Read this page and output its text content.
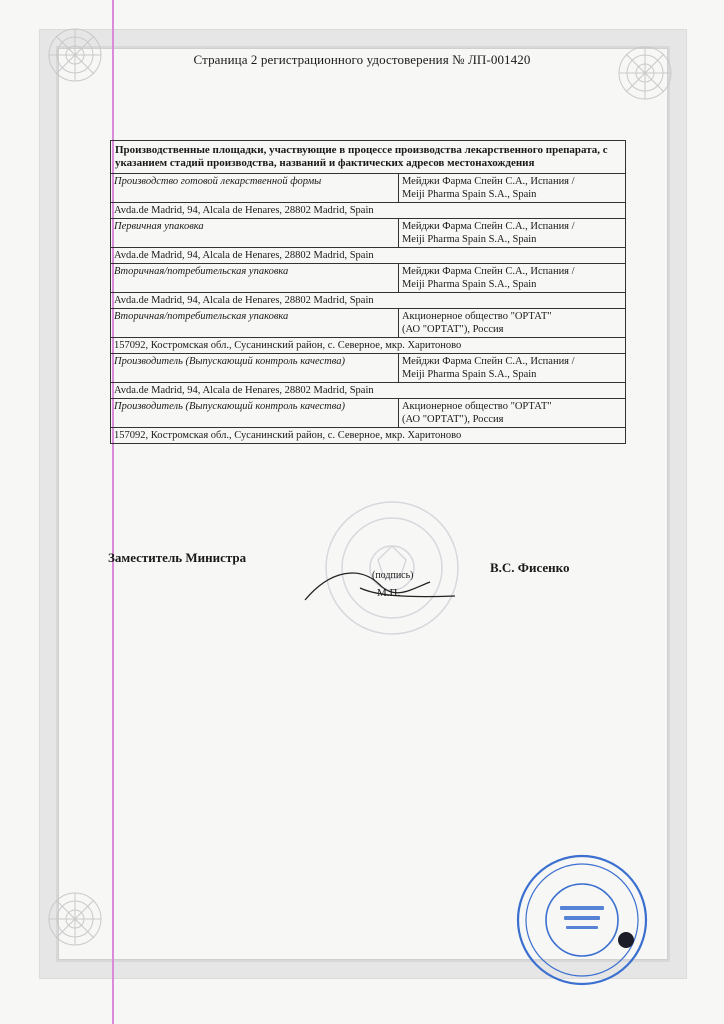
Страница 2 регистрационного удостоверения № ЛП-001420
Производственные площадки, участвующие в процессе производства лекарственного препарата, с указанием стадий производства, названий и фактических адресов местонахождения	
Производство готовой лекарственной формы	Мейджи Фарма Спейн С.А., Испания /
Meiji Pharma Spain S.A., Spain

Avda.de Madrid, 94, Alcala de Henares, 28802 Madrid, Spain	
Первичная упаковка	Мейджи Фарма Спейн С.А., Испания /
Meiji Pharma Spain S.A., Spain

Avda.de Madrid, 94, Alcala de Henares, 28802 Madrid, Spain	
Вторичная/потребительская упаковка	Мейджи Фарма Спейн С.А., Испания /
Meiji Pharma Spain S.A., Spain

Avda.de Madrid, 94, Alcala de Henares, 28802 Madrid, Spain	
Вторичная/потребительская упаковка	Акционерное общество "ОРТАТ"
(АО "ОРТАТ"), Россия

157092, Костромская обл., Сусанинский район, с. Северное, мкр. Харитоново	
Производитель (Выпускающий контроль качества)	Мейджи Фарма Спейн С.А., Испания /
Meiji Pharma Spain S.A., Spain

Avda.de Madrid, 94, Alcala de Henares, 28802 Madrid, Spain	
Производитель (Выпускающий контроль качества)	Акционерное общество "ОРТАТ"
(АО "ОРТАТ"), Россия

157092, Костромская обл., Сусанинский район, с. Северное, мкр. Харитоново	
Заместитель Министра
(подпись)
М.П.
В.С. Фисенко
